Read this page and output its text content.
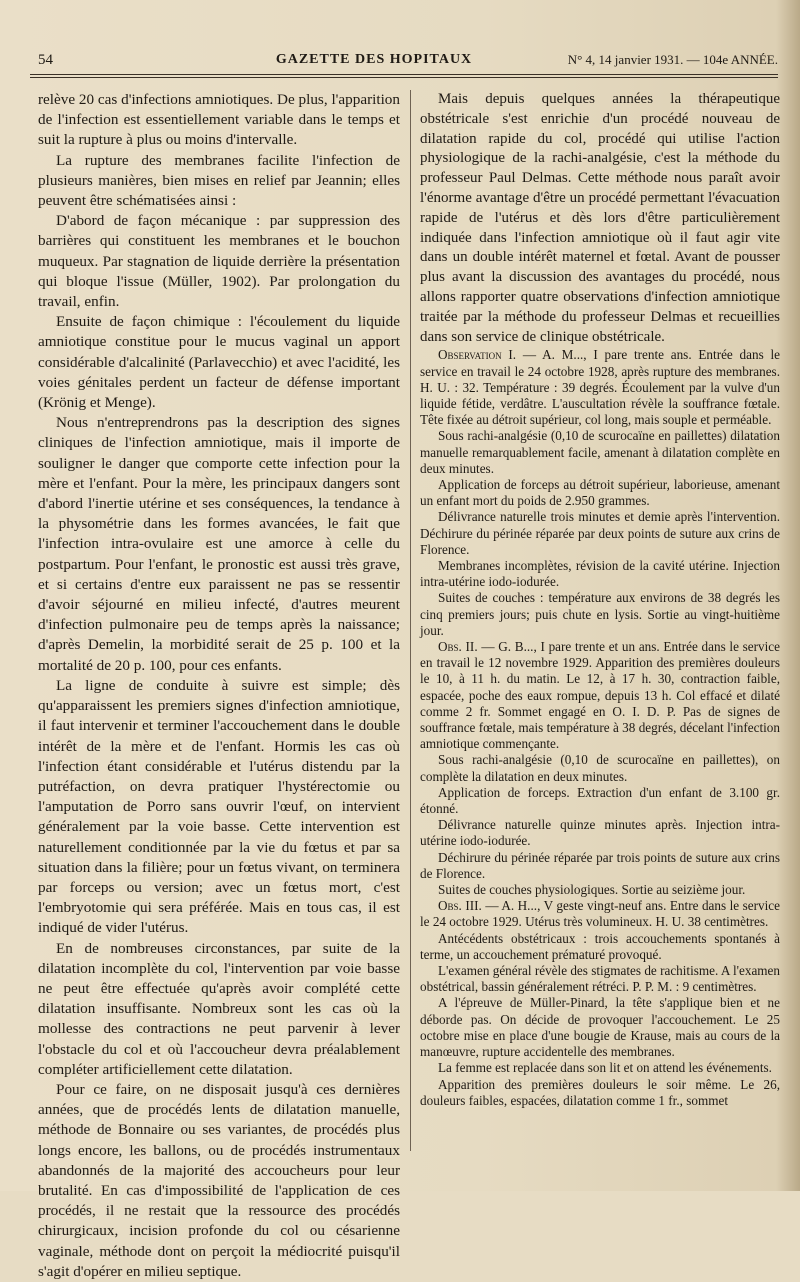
54	GAZETTE DES HOPITAUX	N° 4, 14 janvier 1931. — 104e ANNÉE.

relève 20 cas d'infections amniotiques. De plus, l'apparition de l'infection est essentiellement variable dans le temps et suit la rupture à plus ou moins d'intervalle.

La rupture des membranes facilite l'infection de plusieurs manières, bien mises en relief par Jeannin; elles peuvent être schématisées ainsi :

D'abord de façon mécanique : par suppression des barrières qui constituent les membranes et le bouchon muqueux. Par stagnation de liquide derrière la présentation qui bloque l'issue (Müller, 1902). Par prolongation du travail, enfin.

Ensuite de façon chimique : l'écoulement du liquide amniotique constitue pour le mucus vaginal un apport considérable d'alcalinité (Parlavecchio) et avec l'acidité, les voies génitales perdent un facteur de défense important (Krönig et Menge).

Nous n'entreprendrons pas la description des signes cliniques de l'infection amniotique, mais il importe de souligner le danger que comporte cette infection pour la mère et l'enfant. Pour la mère, les principaux dangers sont d'abord l'inertie utérine et ses conséquences, la tendance à la physométrie dans les formes avancées, le fait que l'infection intra-ovulaire est une amorce à celle du postpartum. Pour l'enfant, le pronostic est aussi très grave, et si certains d'entre eux paraissent ne pas se ressentir d'avoir séjourné en milieu infecté, d'autres meurent d'infection pulmonaire peu de temps après la naissance; d'après Demelin, la morbidité serait de 25 p. 100 et la mortalité de 20 p. 100, pour ces enfants.

La ligne de conduite à suivre est simple; dès qu'apparaissent les premiers signes d'infection amniotique, il faut intervenir et terminer l'accouchement dans le double intérêt de la mère et de l'enfant. Hormis les cas où l'infection étant considérable et l'utérus distendu par la putréfaction, on devra pratiquer l'hystérectomie ou l'amputation de Porro sans ouvrir l'œuf, on intervient généralement par la voie basse. Cette intervention est naturellement conditionnée par la vie du fœtus et par sa situation dans la filière; pour un fœtus vivant, on terminera par forceps ou version; avec un fœtus mort, c'est l'embryotomie qui sera préférée. Mais en tous cas, il est indiqué de vider l'utérus.

En de nombreuses circonstances, par suite de la dilatation incomplète du col, l'intervention par voie basse ne peut être effectuée qu'après avoir complété cette dilatation insuffisante. Nombreux sont les cas où la mollesse des contractions ne peut parvenir à lever l'obstacle du col et où l'accoucheur devra préalablement compléter artificiellement cette dilatation.

Pour ce faire, on ne disposait jusqu'à ces dernières années, que de procédés lents de dilatation manuelle, méthode de Bonnaire ou ses variantes, de procédés plus longs encore, les ballons, ou de procédés instrumentaux abandonnés de la majorité des accoucheurs pour leur brutalité. En cas d'impossibilité de l'application de ces procédés, il ne restait que la ressource des procédés chirurgicaux, incision profonde du col ou césarienne vaginale, méthode dont on perçoit la médiocrité puisqu'il s'agit d'opérer en milieu septique.

Mais depuis quelques années la thérapeutique obstétricale s'est enrichie d'un procédé nouveau de dilatation rapide du col, procédé qui utilise l'action physiologique de la rachi-analgésie, c'est la méthode du professeur Paul Delmas. Cette méthode nous paraît avoir l'énorme avantage d'être un procédé permettant l'évacuation rapide de l'utérus et dès lors d'être particulièrement indiquée dans l'infection amniotique où il faut agir vite dans un double intérêt maternel et fœtal. Avant de pousser plus avant la discussion des avantages du procédé, nous allons rapporter quatre observations d'infection amniotique traitée par la méthode du professeur Delmas et recueillies dans son service de clinique obstétricale.

Observation I. — A. M..., I pare trente ans. Entrée dans le service en travail le 24 octobre 1928, après rupture des membranes. H. U. : 32. Température : 39 degrés. Écoulement par la vulve d'un liquide fétide, verdâtre. L'auscultation révèle la souffrance fœtale. Tête fixée au détroit supérieur, col long, mais souple et perméable.

Sous rachi-analgésie (0,10 de scurocaïne en paillettes) dilatation manuelle remarquablement facile, amenant à dilatation complète en deux minutes.

Application de forceps au détroit supérieur, laborieuse, amenant un enfant mort du poids de 2.950 grammes.

Délivrance naturelle trois minutes et demie après l'intervention. Déchirure du périnée réparée par deux points de suture aux crins de Florence.

Membranes incomplètes, révision de la cavité utérine. Injection intra-utérine iodo-iodurée.

Suites de couches : température aux environs de 38 degrés les cinq premiers jours; puis chute en lysis. Sortie au vingt-huitième jour.

Obs. II. — G. B..., I pare trente et un ans. Entrée dans le service en travail le 12 novembre 1929. Apparition des premières douleurs le 10, à 11 h. du matin. Le 12, à 17 h. 30, contraction faible, espacée, poche des eaux rompue, depuis 13 h. Col effacé et dilaté comme 2 fr. Sommet engagé en O. I. D. P. Pas de signes de souffrance fœtale, mais température à 38 degrés, décelant l'infection amniotique commençante.

Sous rachi-analgésie (0,10 de scurocaïne en paillettes), on complète la dilatation en deux minutes.

Application de forceps. Extraction d'un enfant de 3.100 gr. étonné.

Délivrance naturelle quinze minutes après. Injection intra-utérine iodo-iodurée.

Déchirure du périnée réparée par trois points de suture aux crins de Florence.

Suites de couches physiologiques. Sortie au seizième jour.

Obs. III. — A. H..., V geste vingt-neuf ans. Entre dans le service le 24 octobre 1929. Utérus très volumineux. H. U. 38 centimètres.

Antécédents obstétricaux : trois accouchements spontanés à terme, un accouchement prématuré provoqué.

L'examen général révèle des stigmates de rachitisme. A l'examen obstétrical, bassin généralement rétréci. P. P. M. : 9 centimètres.

A l'épreuve de Müller-Pinard, la tête s'applique bien et ne déborde pas. On décide de provoquer l'accouchement. Le 25 octobre mise en place d'une bougie de Krause, mais au cours de la manœuvre, rupture accidentelle des membranes.

La femme est replacée dans son lit et on attend les événements.

Apparition des premières douleurs le soir même. Le 26, douleurs faibles, espacées, dilatation comme 1 fr., sommet
